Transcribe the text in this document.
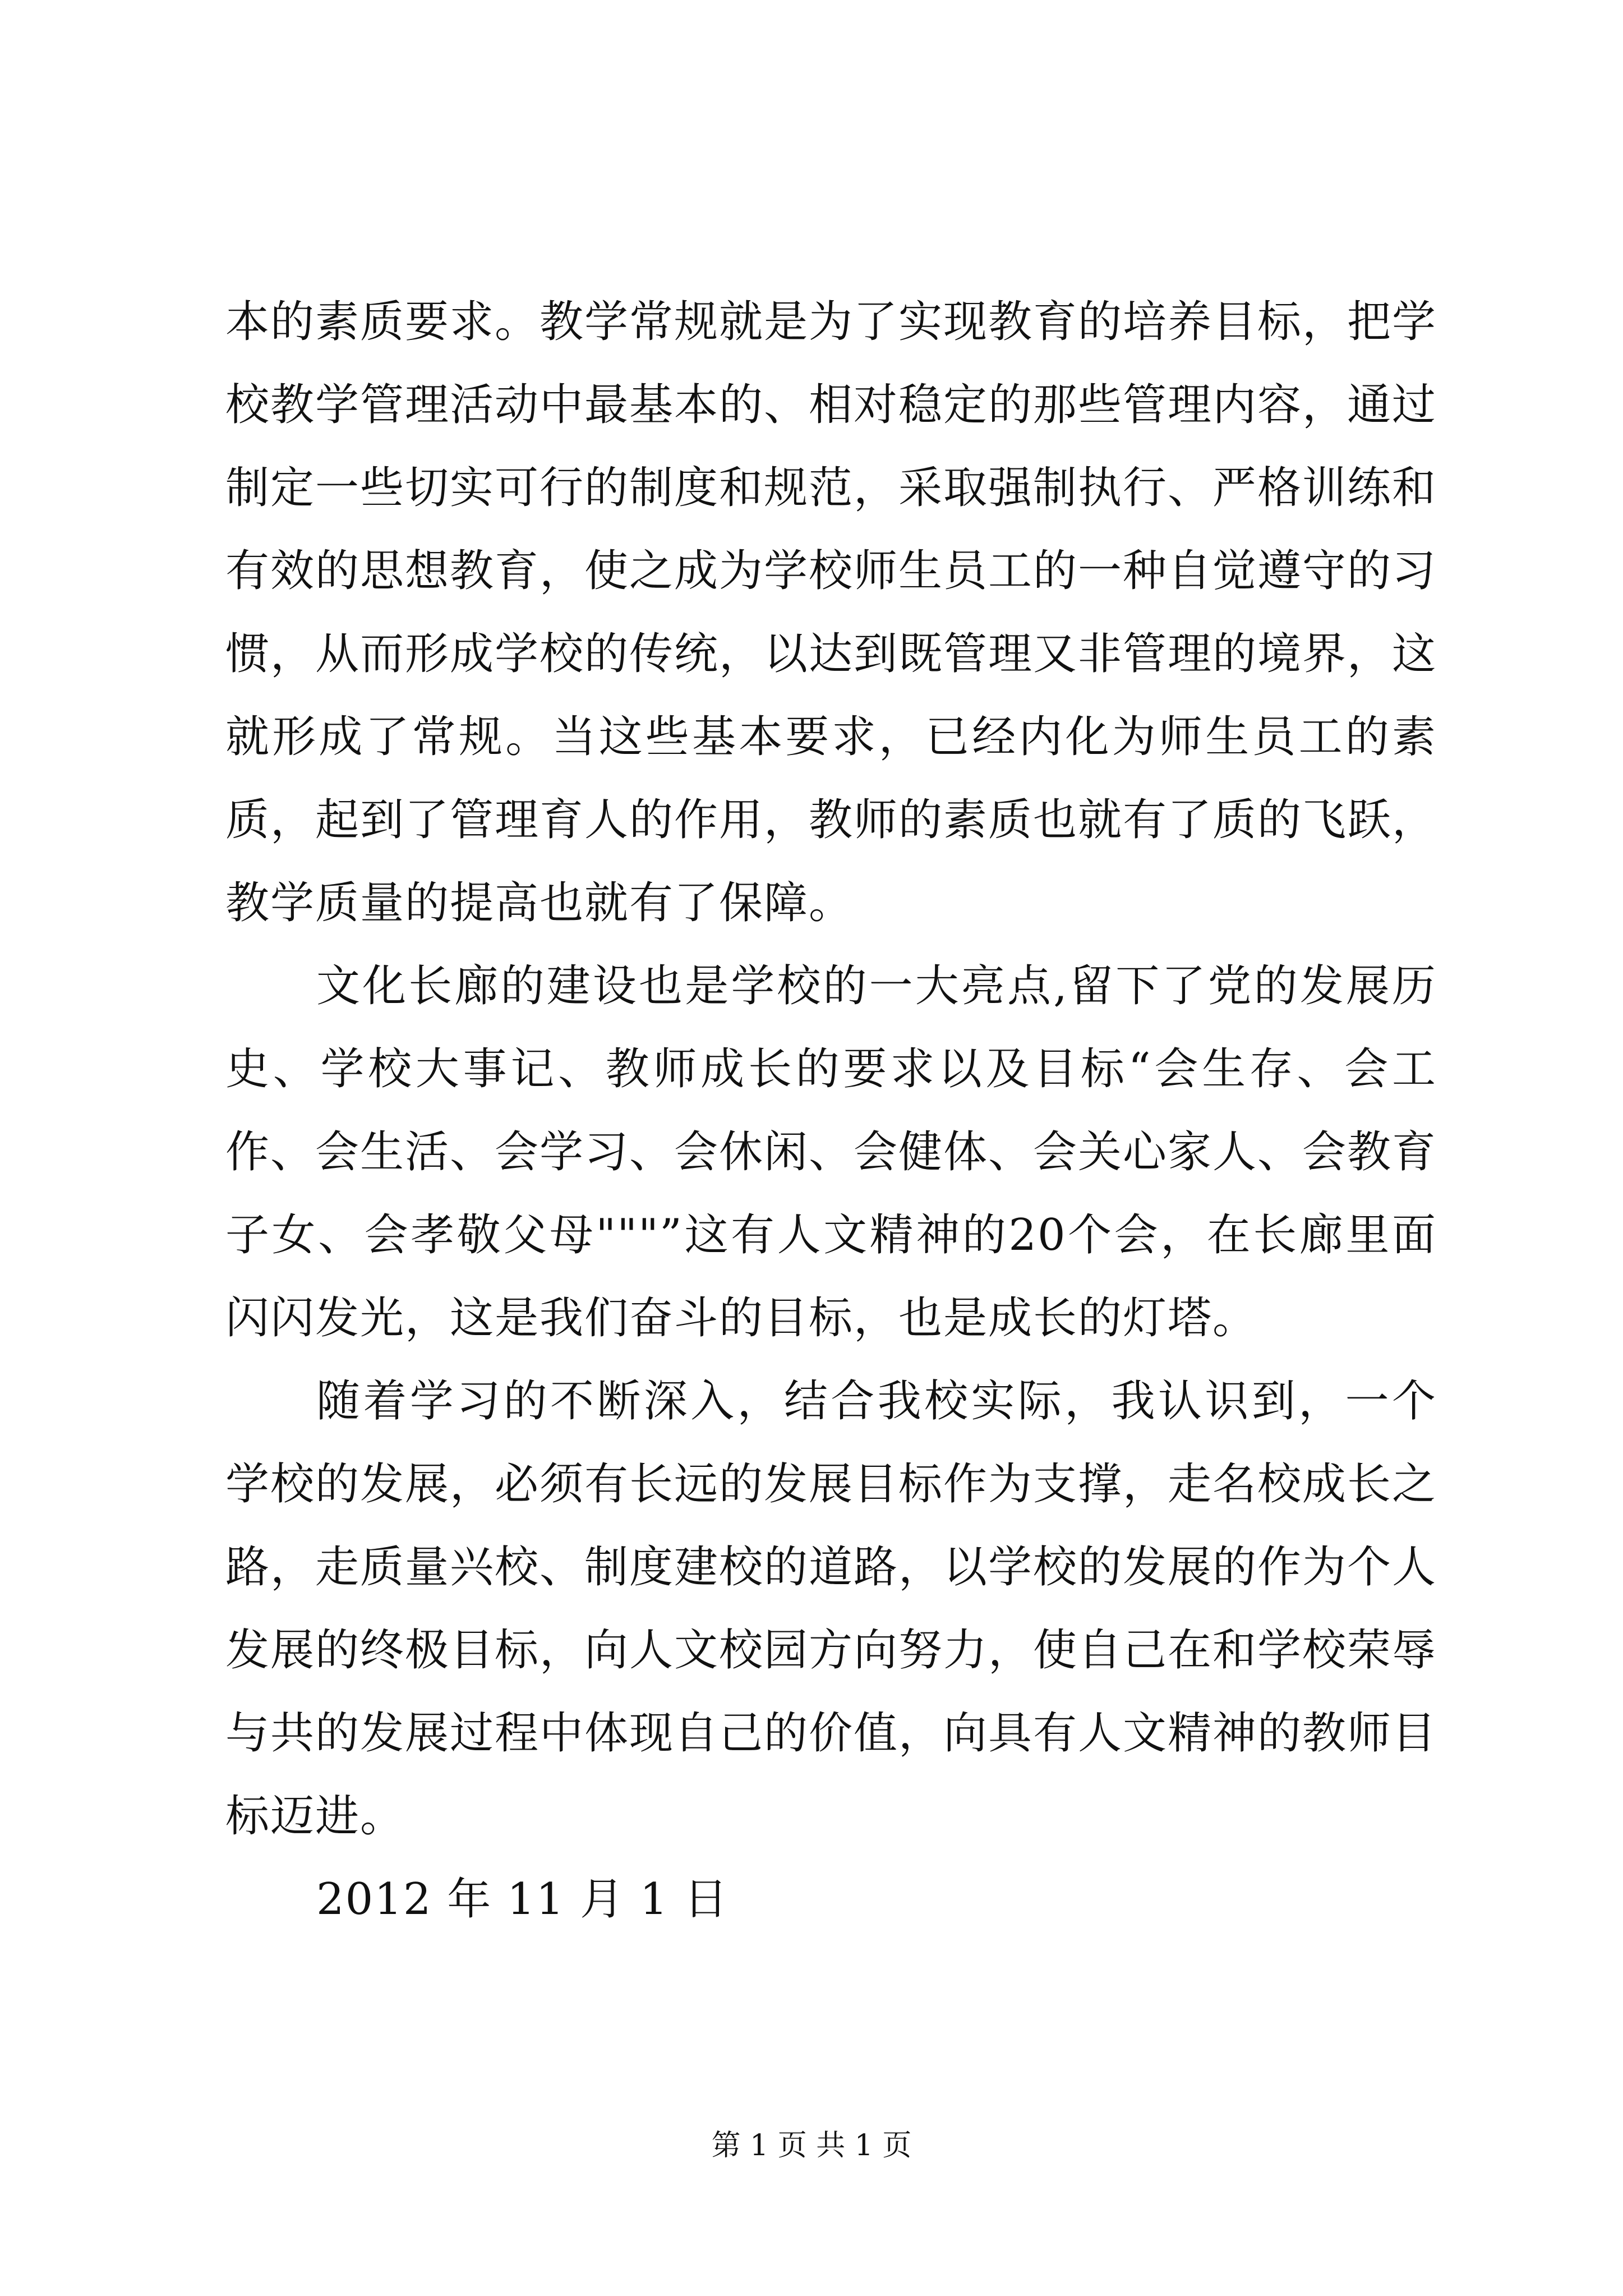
本的素质要求。教学常规就是为了实现教育的培养目标，把学校教学管理活动中最基本的、相对稳定的那些管理内容，通过制定一些切实可行的制度和规范，采取强制执行、严格训练和有效的思想教育，使之成为学校师生员工的一种自觉遵守的习惯，从而形成学校的传统，以达到既管理又非管理的境界，这就形成了常规。当这些基本要求，已经内化为师生员工的素质，起到了管理育人的作用，教师的素质也就有了质的飞跃，教学质量的提高也就有了保障。

文化长廊的建设也是学校的一大亮点,留下了党的发展历史、学校大事记、教师成长的要求以及目标“会生存、会工作、会生活、会学习、会休闲、会健体、会关心家人、会教育子女、会孝敬父母"""”这有人文精神的20个会，在长廊里面闪闪发光，这是我们奋斗的目标，也是成长的灯塔。

随着学习的不断深入，结合我校实际，我认识到，一个学校的发展，必须有长远的发展目标作为支撑，走名校成长之路，走质量兴校、制度建校的道路，以学校的发展的作为个人发展的终极目标，向人文校园方向努力，使自己在和学校荣辱与共的发展过程中体现自己的价值，向具有人文精神的教师目标迈进。

2012 年 11 月 1 日

第 1 页 共 1 页
